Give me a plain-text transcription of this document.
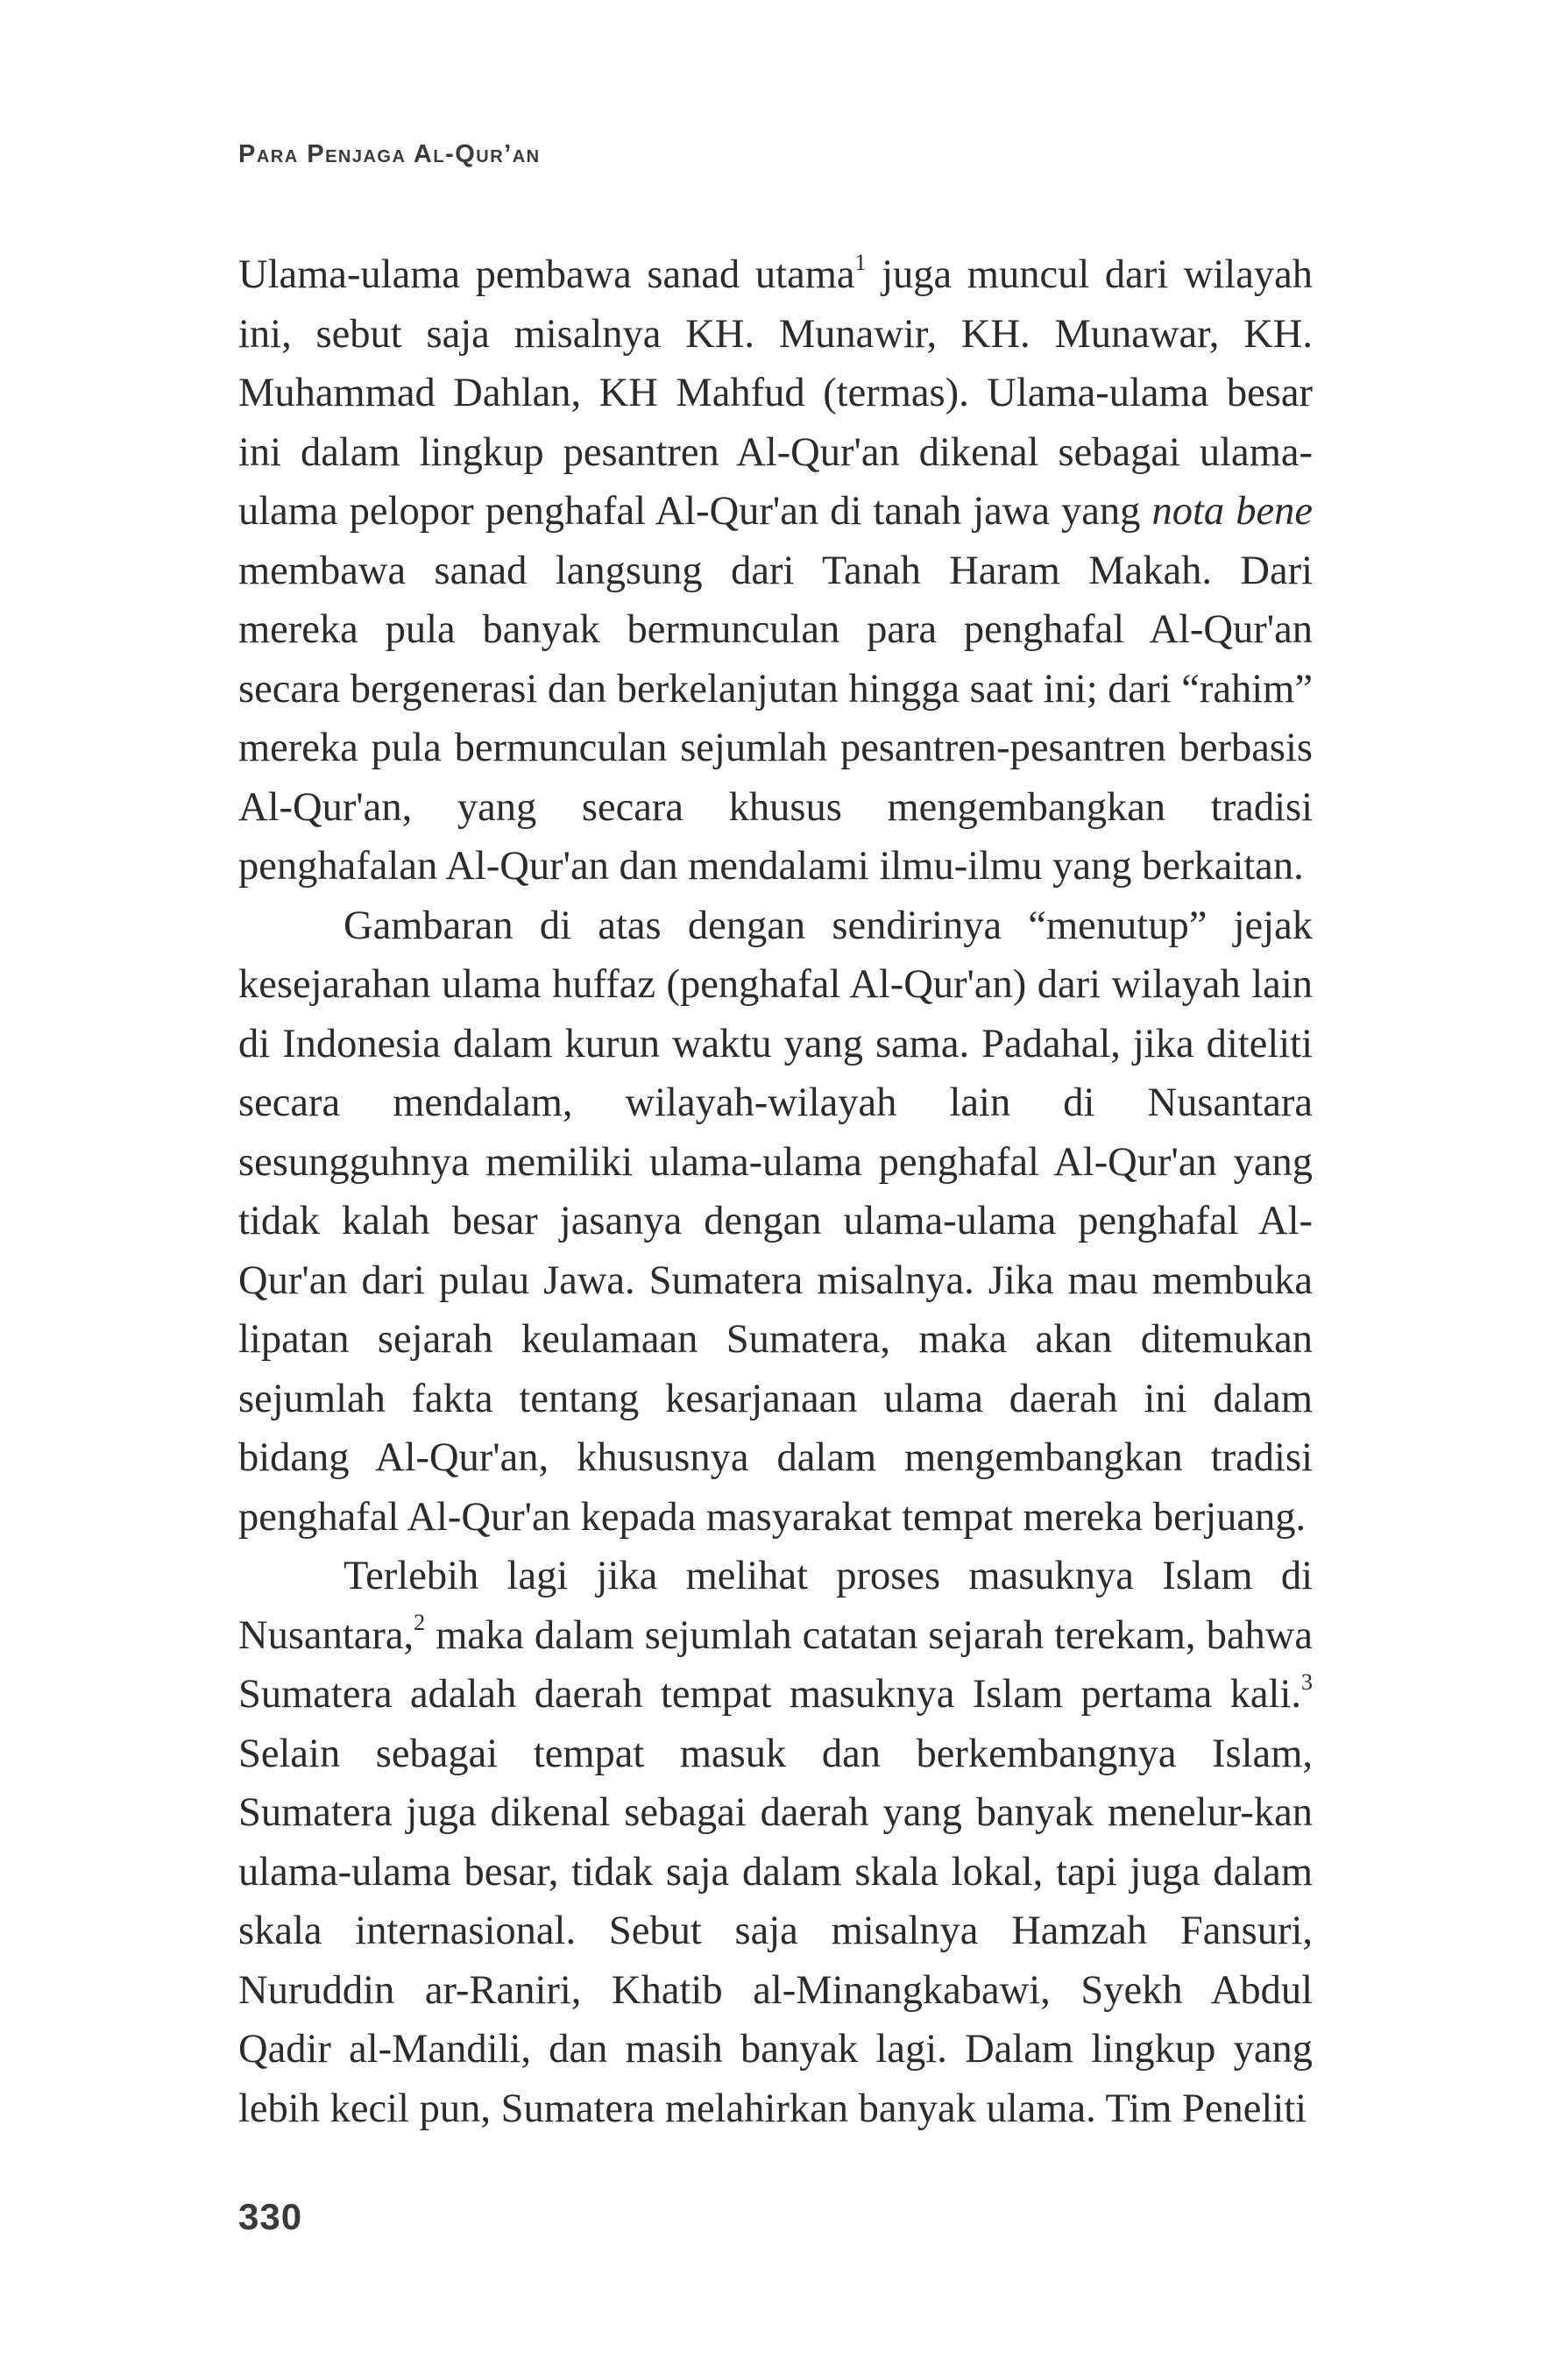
Para Penjaga Al-Qur’an

Ulama-ulama pembawa sanad utama$^1$ juga muncul dari wilayah ini, sebut saja misalnya KH. Munawir, KH. Munawar, KH. Muhammad Dahlan, KH Mahfud (termas). Ulama-ulama besar ini dalam lingkup pesantren Al-Qur'an dikenal sebagai ulama-ulama pelopor penghafal Al-Qur'an di tanah jawa yang nota bene membawa sanad langsung dari Tanah Haram Makah. Dari mereka pula banyak bermunculan para penghafal Al-Qur'an secara bergenerasi dan berkelanjutan hingga saat ini; dari “rahim” mereka pula bermunculan sejumlah pesantren-pesantren berbasis Al-Qur'an, yang secara khusus mengembangkan tradisi penghafalan Al-Qur'an dan mendalami ilmu-ilmu yang berkaitan.

Gambaran di atas dengan sendirinya “menutup” jejak kesejarahan ulama huffaz (penghafal Al-Qur'an) dari wilayah lain di Indonesia dalam kurun waktu yang sama. Padahal, jika diteliti secara mendalam, wilayah-wilayah lain di Nusantara sesungguhnya memiliki ulama-ulama penghafal Al-Qur'an yang tidak kalah besar jasanya dengan ulama-ulama penghafal Al-Qur'an dari pulau Jawa. Sumatera misalnya. Jika mau membuka lipatan sejarah keulamaan Sumatera, maka akan ditemukan sejumlah fakta tentang kesarjanaan ulama daerah ini dalam bidang Al-Qur'an, khususnya dalam mengembangkan tradisi penghafal Al-Qur'an kepada masyarakat tempat mereka berjuang.

Terlebih lagi jika melihat proses masuknya Islam di Nusantara,$^2$ maka dalam sejumlah catatan sejarah terekam, bahwa Sumatera adalah daerah tempat masuknya Islam pertama kali.$^3$ Selain sebagai tempat masuk dan berkembangnya Islam, Sumatera juga dikenal sebagai daerah yang banyak menelur-kan ulama-ulama besar, tidak saja dalam skala lokal, tapi juga dalam skala internasional. Sebut saja misalnya Hamzah Fansuri, Nuruddin ar-Raniri, Khatib al-Minangkabawi, Syekh Abdul Qadir al-Mandili, dan masih banyak lagi. Dalam lingkup yang lebih kecil pun, Sumatera melahirkan banyak ulama. Tim Peneliti

330
